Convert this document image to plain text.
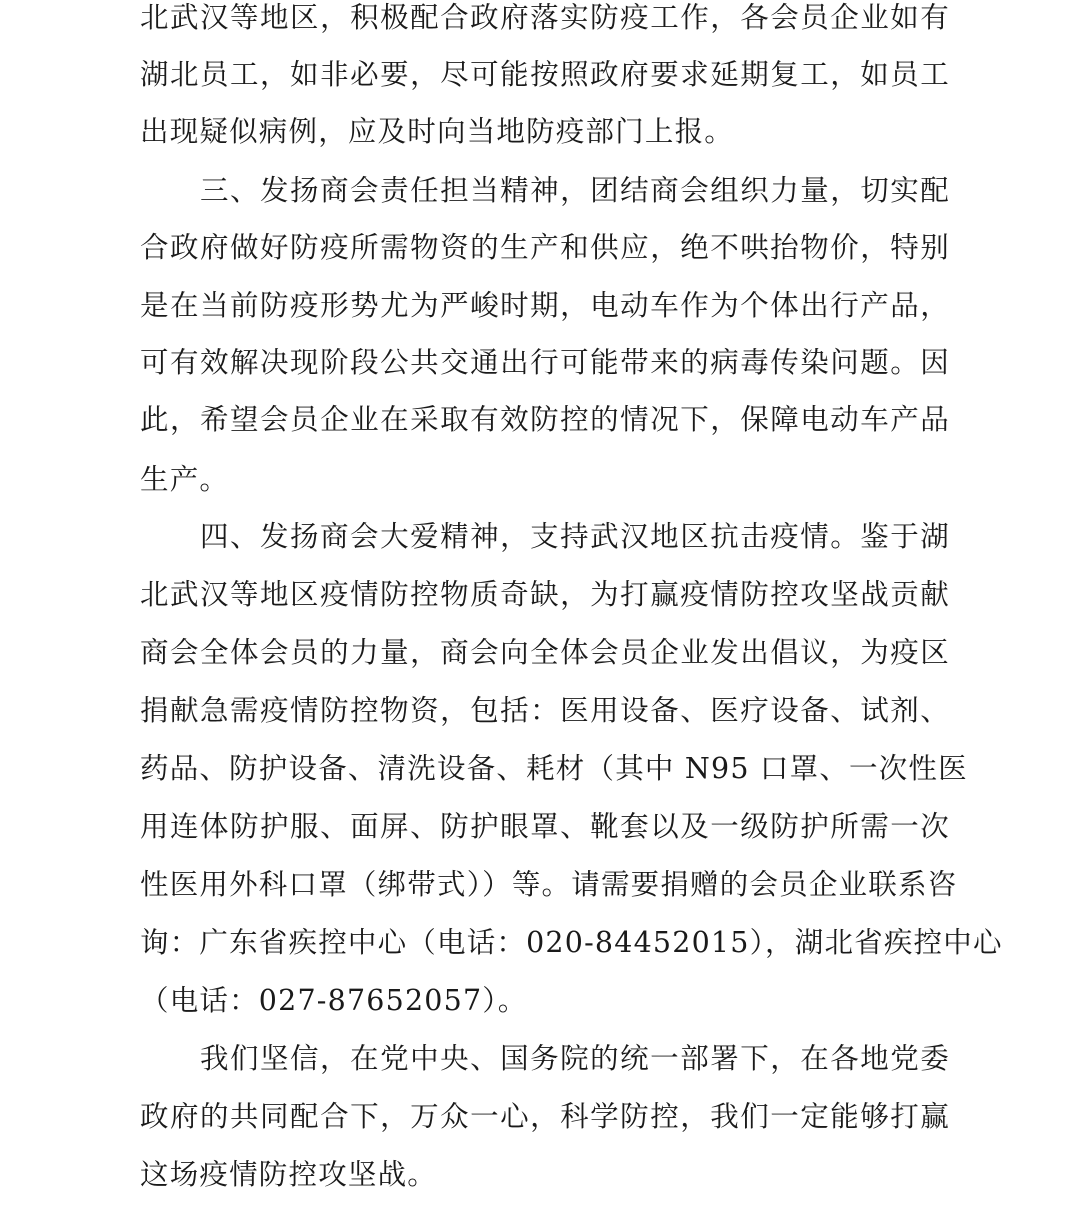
北武汉等地区，积极配合政府落实防疫工作，各会员企业如有
湖北员工，如非必要，尽可能按照政府要求延期复工，如员工
出现疑似病例，应及时向当地防疫部门上报。
三、发扬商会责任担当精神，团结商会组织力量，切实配
合政府做好防疫所需物资的生产和供应，绝不哄抬物价，特别
是在当前防疫形势尤为严峻时期，电动车作为个体出行产品，
可有效解决现阶段公共交通出行可能带来的病毒传染问题。因
此，希望会员企业在采取有效防控的情况下，保障电动车产品
生产。
四、发扬商会大爱精神，支持武汉地区抗击疫情。鉴于湖
北武汉等地区疫情防控物质奇缺，为打赢疫情防控攻坚战贡献
商会全体会员的力量，商会向全体会员企业发出倡议，为疫区
捐献急需疫情防控物资，包括：医用设备、医疗设备、试剂、
药品、防护设备、清洗设备、耗材（其中 N95 口罩、一次性医
用连体防护服、面屏、防护眼罩、靴套以及一级防护所需一次
性医用外科口罩（绑带式））等。请需要捐赠的会员企业联系咨
询：广东省疾控中心（电话：020-84452015），湖北省疾控中心
（电话：027-87652057）。
我们坚信，在党中央、国务院的统一部署下，在各地党委
政府的共同配合下，万众一心，科学防控，我们一定能够打赢
这场疫情防控攻坚战。
